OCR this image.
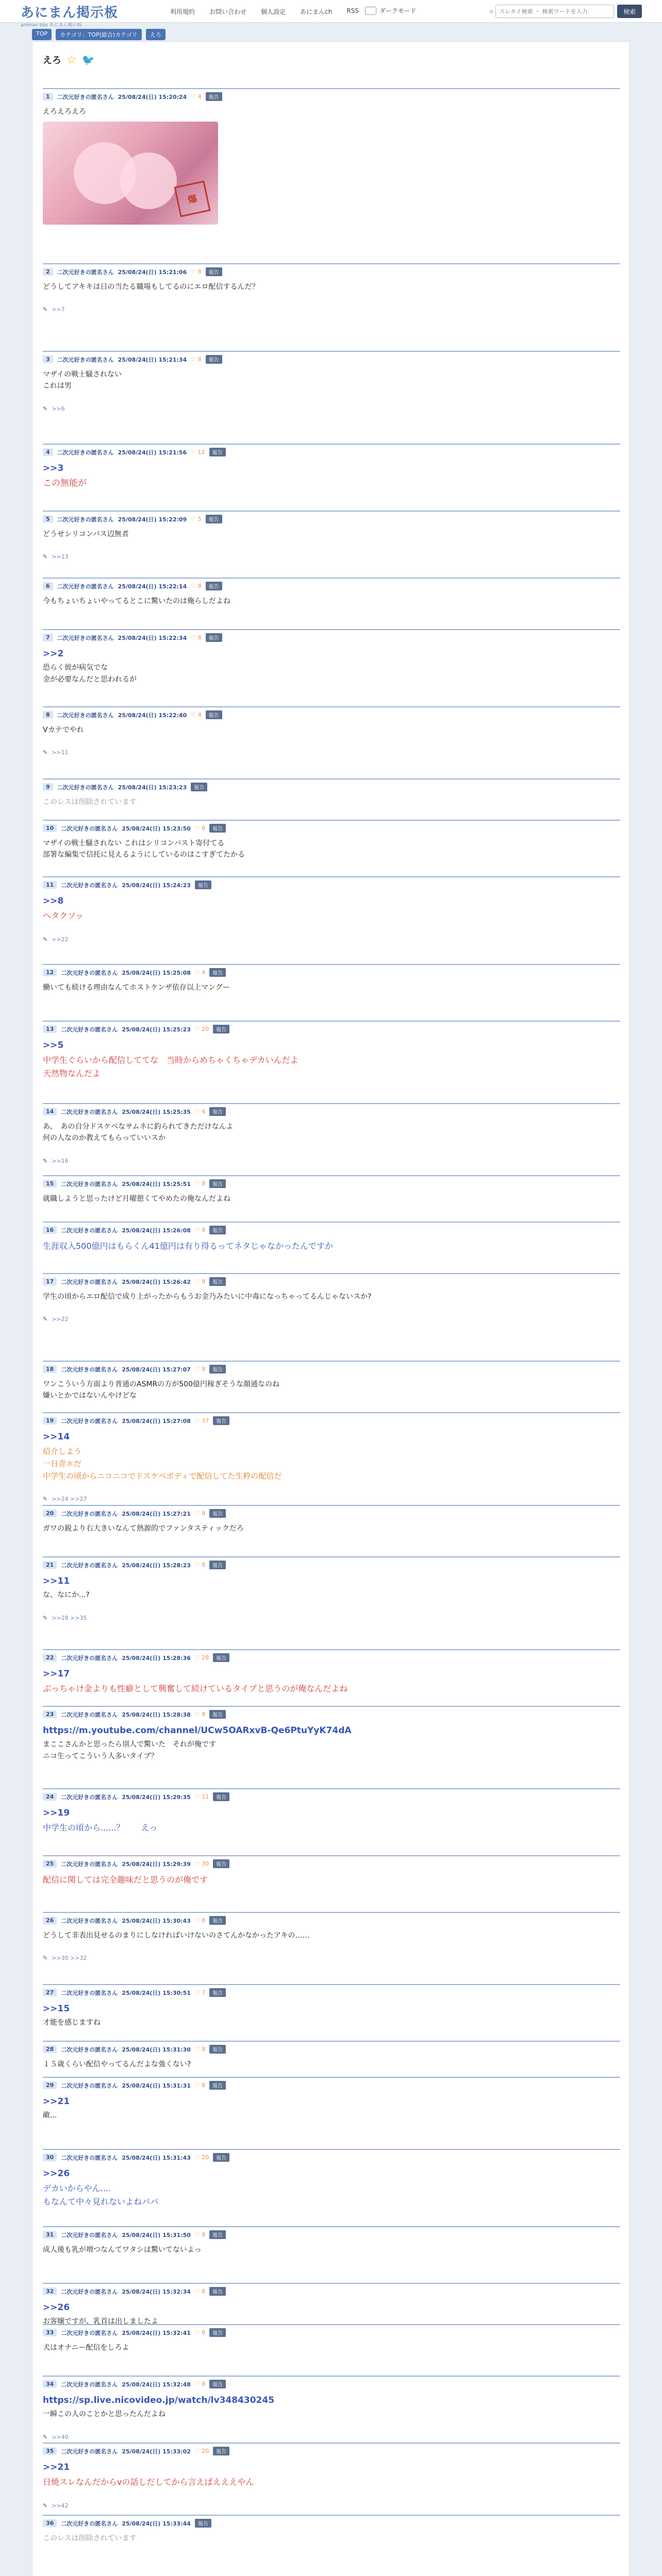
あにまん掲示板
animan bbs あにまん掲示板
利用規約 お問い合わせ 個人設定 あにまんch RSS	ダークモード	⌕
スレタイ検索 ・ 検索ワードを入力	検索
TOP	カテゴリ：TOP(総合)カテゴリ	えろ
えろ ☆ 🐦
1	二次元好きの匿名さん 25/08/24(日) 15:20:24 ♡ 4	報告
えろえろえろ
爆
2	二次元好きの匿名さん 25/08/24(日) 15:21:06 ♡ 8	報告
どうしてアキキは日の当たる職場もしてるのにエロ配信するんだ？
✎ >>7
3	二次元好きの匿名さん 25/08/24(日) 15:21:34 ♡ 8	報告
マザイの戦士騒されない
これは男
✎ >>6
4	二次元好きの匿名さん 25/08/24(日) 15:21:56 ♡ 12	報告
>>3
この無能が
5	二次元好きの匿名さん 25/08/24(日) 15:22:09 ♡ 5	報告
どうせシリコンパス辺無者
✎ >>13
6	二次元好きの匿名さん 25/08/24(日) 15:22:14 ♡ 8	報告
今もちょいちょいやってるとこに驚いたのは俺らしだよね
7	二次元好きの匿名さん 25/08/24(日) 15:22:34 ♡ 8	報告
>>2
恐らく彼が病気でな
金が必要なんだと思われるが
8	二次元好きの匿名さん 25/08/24(日) 15:22:40 ♡ 4	報告
Vカテでやれ
✎ >>11
9	二次元好きの匿名さん 25/08/24(日) 15:23:23	報告
このレスは削除されています
10	二次元好きの匿名さん 25/08/24(日) 15:23:50 ♡ 8	報告
マザイの戦士騒されない これはシリコンバスト寄付てる
部署な編集で信托に見えるようにしているのはこすぎてたかる
11	二次元好きの匿名さん 25/08/24(日) 15:24:23	報告
>>8
ヘタクソッ
✎ >>22
12	二次元好きの匿名さん 25/08/24(日) 15:25:08 ♡ 4	報告
働いても続ける理由なんてホストケンザ依存以上マングー
13	二次元好きの匿名さん 25/08/24(日) 15:25:23 ♡ 20	報告
>>5
中学生ぐらいから配信しててな　当時からめちゃくちゃデカいんだよ
天然物なんだよ
14	二次元好きの匿名さん 25/08/24(日) 15:25:35 ♡ 4	報告
あ、　あの自分ドスケベなサムネに釣られてきただけなんよ
何の人なのか教えてもらっていいスか
✎ >>16
15	二次元好きの匿名さん 25/08/24(日) 15:25:51 ♡ 8	報告
就職しようと思ったけど月曜憩くてやめたの俺なんだよね
16	二次元好きの匿名さん 25/08/24(日) 15:26:08 ♡ 8	報告
生涯収入500億円はもらくん41億円は有り得るってネタじゃなかったんですか
17	二次元好きの匿名さん 25/08/24(日) 15:26:42 ♡ 8	報告
学生の頃からエロ配信で成り上がったからもうお金乃みたいに中毒になっちゃってるんじゃないスか?
✎ >>22
18	二次元好きの匿名さん 25/08/24(日) 15:27:07 ♡ 8	報告
ワンこういう方面より普通のASMRの方が500億円稼ぎそうな顔通なのね
嫌いとかではないんやけどな
19	二次元好きの匿名さん 25/08/24(日) 15:27:08 ♡ 37	報告
>>14
紹介しよう
一日青＊だ
中学生の頃からニコニコでドスケベボディで配信してた生粋の配信だ
✎ >>24 >>27
20	二次元好きの匿名さん 25/08/24(日) 15:27:21 ♡ 8	報告
ガワの鋭より右大きいなんて熱源的でファンタスティックだろ
21	二次元好きの匿名さん 25/08/24(日) 15:28:23 ♡ 8	報告
>>11
な、なにか...?
✎ >>28 >>35
22	二次元好きの匿名さん 25/08/24(日) 15:28:36 ♡ 28	報告
>>17
ぶっちゃけ金よりも性癖として興奮して続けているタイプと思うのが俺なんだよね
23	二次元好きの匿名さん 25/08/24(日) 15:28:38 ♡ 8	報告
https://m.youtube.com/channel/UCw5OARxvB-Qe6PtuYyK74dA
まここさんかと思ったら別人で驚いた　それが俺です
ニコ生ってこういう人多いタイプ？
24	二次元好きの匿名さん 25/08/24(日) 15:29:35 ♡ 11	報告
>>19
中学生の頃から......？　　えっ
25	二次元好きの匿名さん 25/08/24(日) 15:29:39 ♡ 30	報告
配信に関しては完全趣味だと思うのが俺です
26	二次元好きの匿名さん 25/08/24(日) 15:30:43 ♡ 8	報告
どうして非表出見せるのまりにしなければいけないのさてんかなかったアキの……
✎ >>30 >>32
27	二次元好きの匿名さん 25/08/24(日) 15:30:51 ♡ 7	報告
>>15
才能を感じますね
28	二次元好きの匿名さん 25/08/24(日) 15:31:30 ♡ 8	報告
１５歳くらい配信やってるんだよな強くない?
29	二次元好きの匿名さん 25/08/24(日) 15:31:31 ♡ 8	報告
>>21
敵...
30	二次元好きの匿名さん 25/08/24(日) 15:31:43 ♡ 20	報告
>>26
デカいからやん....
もなんて中々見れないよねパパ
31	二次元好きの匿名さん 25/08/24(日) 15:31:50 ♡ 8	報告
成人後も乳が増つなんてワタシは驚いてないよっ
32	二次元好きの匿名さん 25/08/24(日) 15:32:34 ♡ 8	報告
>>26
お客嬢ですが、乳首は出しましたよ
33	二次元好きの匿名さん 25/08/24(日) 15:32:41 ♡ 8	報告
犬はオナニー配信をしろよ
34	二次元好きの匿名さん 25/08/24(日) 15:32:48 ♡ 8	報告
https://sp.live.nicovideo.jp/watch/lv348430245
一瞬この人のことかと思ったんだよね
✎ >>40
35	二次元好きの匿名さん 25/08/24(日) 15:33:02 ♡ 20	報告
>>21
日焼スレなんだからvの話しだしてから言えばえええやん
✎ >>42
36	二次元好きの匿名さん 25/08/24(日) 15:33:44	報告
このレスは削除されています
